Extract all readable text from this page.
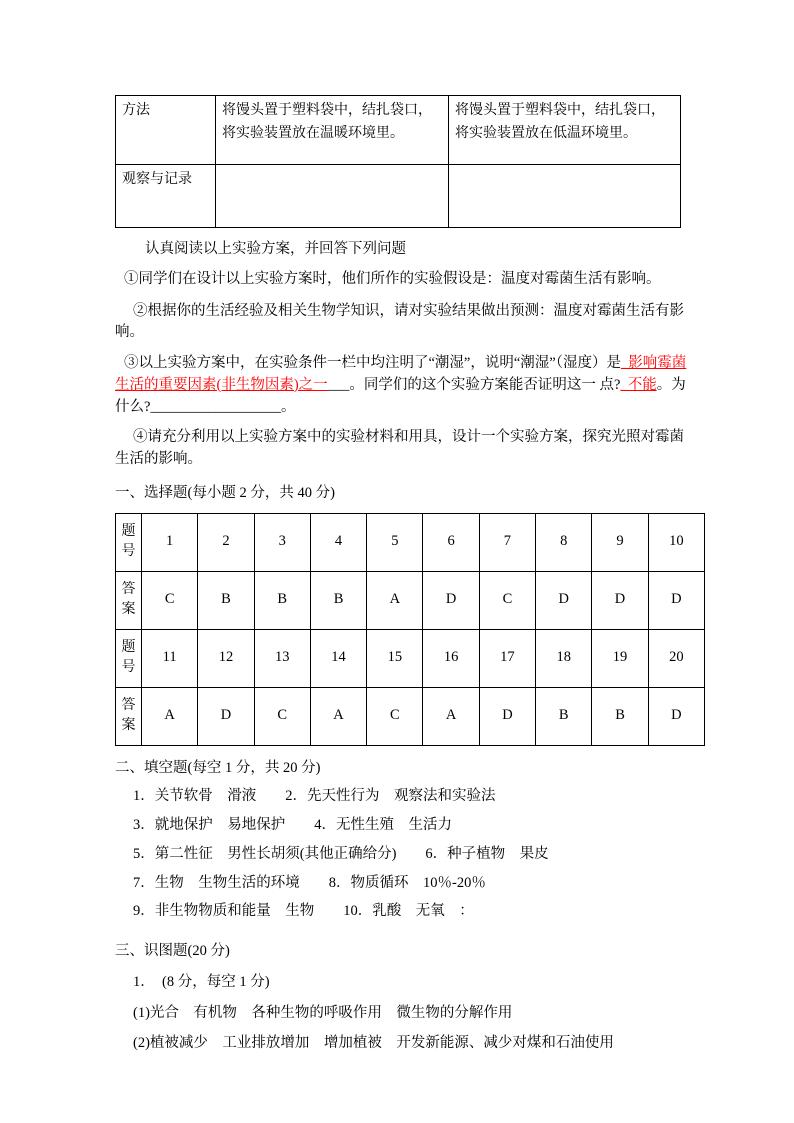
方法	将馒头置于塑料袋中，结扎袋口，将实验装置放在温暖环境里。	将馒头置于塑料袋中，结扎袋口，将实验装置放在低温环境里。
观察与记录		

认真阅读以上实验方案，并回答下列问题

①同学们在设计以上实验方案时，他们所作的实验假设是：温度对霉菌生活有影响。

②根据你的生活经验及相关生物学知识，请对实验结果做出预测：温度对霉菌生活有影响。

③以上实验方案中，在实验条件一栏中均注明了“潮湿”，说明“潮湿”（湿度）是_影响霉菌生活的重要因素(非生物因素)之一___。同学们的这个实验方案能否证明这一 点?_不能。为什么?__________________。

④请充分利用以上实验方案中的实验材料和用具，设计一个实验方案，探究光照对霉菌生活的影响。

一、选择题(每小题 2 分，共 40 分)

题号	1	2	3	4	5	6	7	8	9	10

答案	C	B	B	B	A	D	C	D	D	D

题号	11	12	13	14	15	16	17	18	19	20

答案	A	D	C	A	C	A	D	B	B	D

二、填空题(每空 1 分，共 20 分)

1．关节软骨　滑液　　2．先天性行为　观察法和实验法

3．就地保护　易地保护　　4．无性生殖　生活力

5．第二性征　男性长胡须(其他正确给分)　　6．种子植物　果皮

7．生物　生物生活的环境　　8．物质循环　10％-20％

9．非生物物质和能量　生物　　10．乳酸　无氧　：

三、识图题(20 分)

1．　(8 分，每空 1 分)

(1)光合　有机物　各种生物的呼吸作用　微生物的分解作用

(2)植被减少　工业排放增加　增加植被　开发新能源、减少对煤和石油使用
